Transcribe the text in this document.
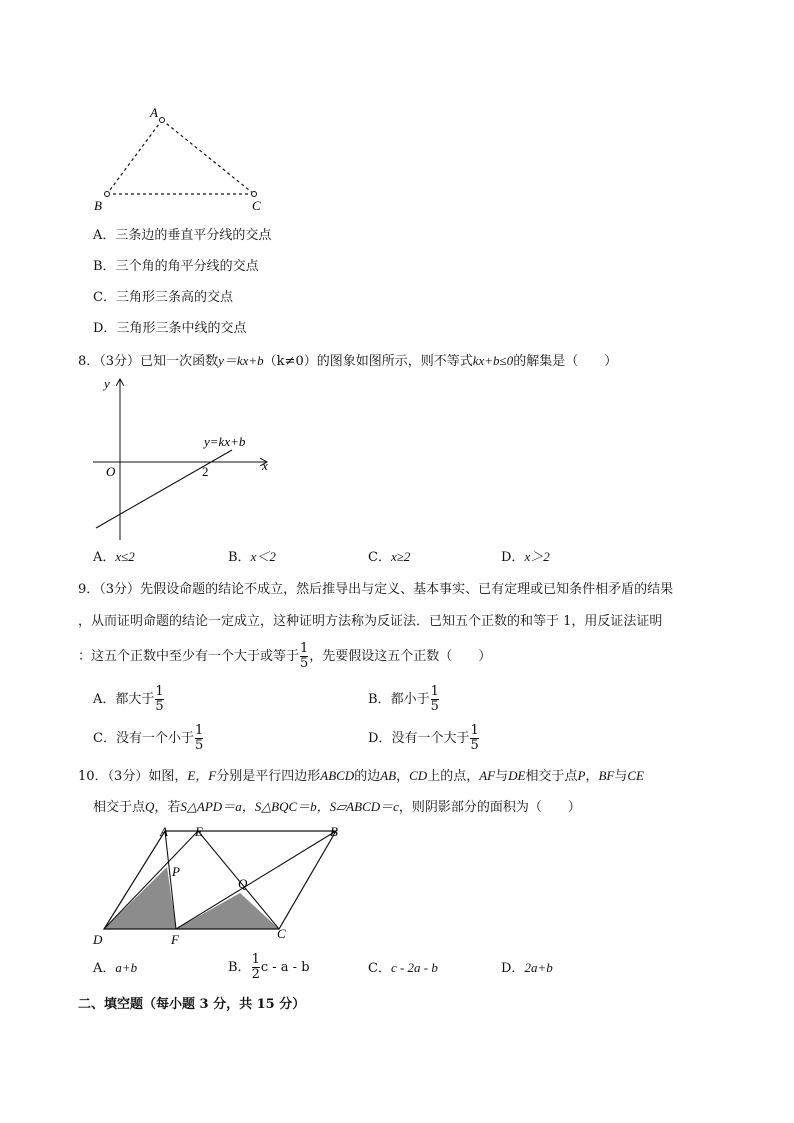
A
B	C
A．三条边的垂直平分线的交点
B．三个角的角平分线的交点
C．三角形三条高的交点
D．三角形三条中线的交点
8．（3分）已知一次函数y＝kx+b（k≠0）的图象如图所示，则不等式kx+b≤0的解集是（　　）
y
x
O	2
y=kx+b
A．x≤2	B．x＜2	C．x≥2	D．x＞2
9．（3分）先假设命题的结论不成立，然后推导出与定义、基本事实、已有定理或已知条件相矛盾的结果
，从而证明命题的结论一定成立，这种证明方法称为反证法．已知五个正数的和等于 1，用反证法证明
：这五个正数中至少有一个大于或等于 $\frac{1}{5}$ ，先要假设这五个正数（　　）
A．都大于 $\frac{1}{5}$	B．都小于 $\frac{1}{5}$
C．没有一个小于 $\frac{1}{5}$	D．没有一个大于 $\frac{1}{5}$
10．（3分）如图，E，F分别是平行四边形ABCD的边AB，CD上的点，AF与DE相交于点P，BF与CE
相交于点Q，若S△APD＝a，S△BQC＝b，S▱ABCD＝c，则阴影部分的面积为（　　）
A E	B
P
Q
D	F	C
A．a+b	B． $\frac{1}{2}$ c - a - b	C．c - 2a - b	D．2a+b
二、填空题（每小题 3 分，共 15 分）
